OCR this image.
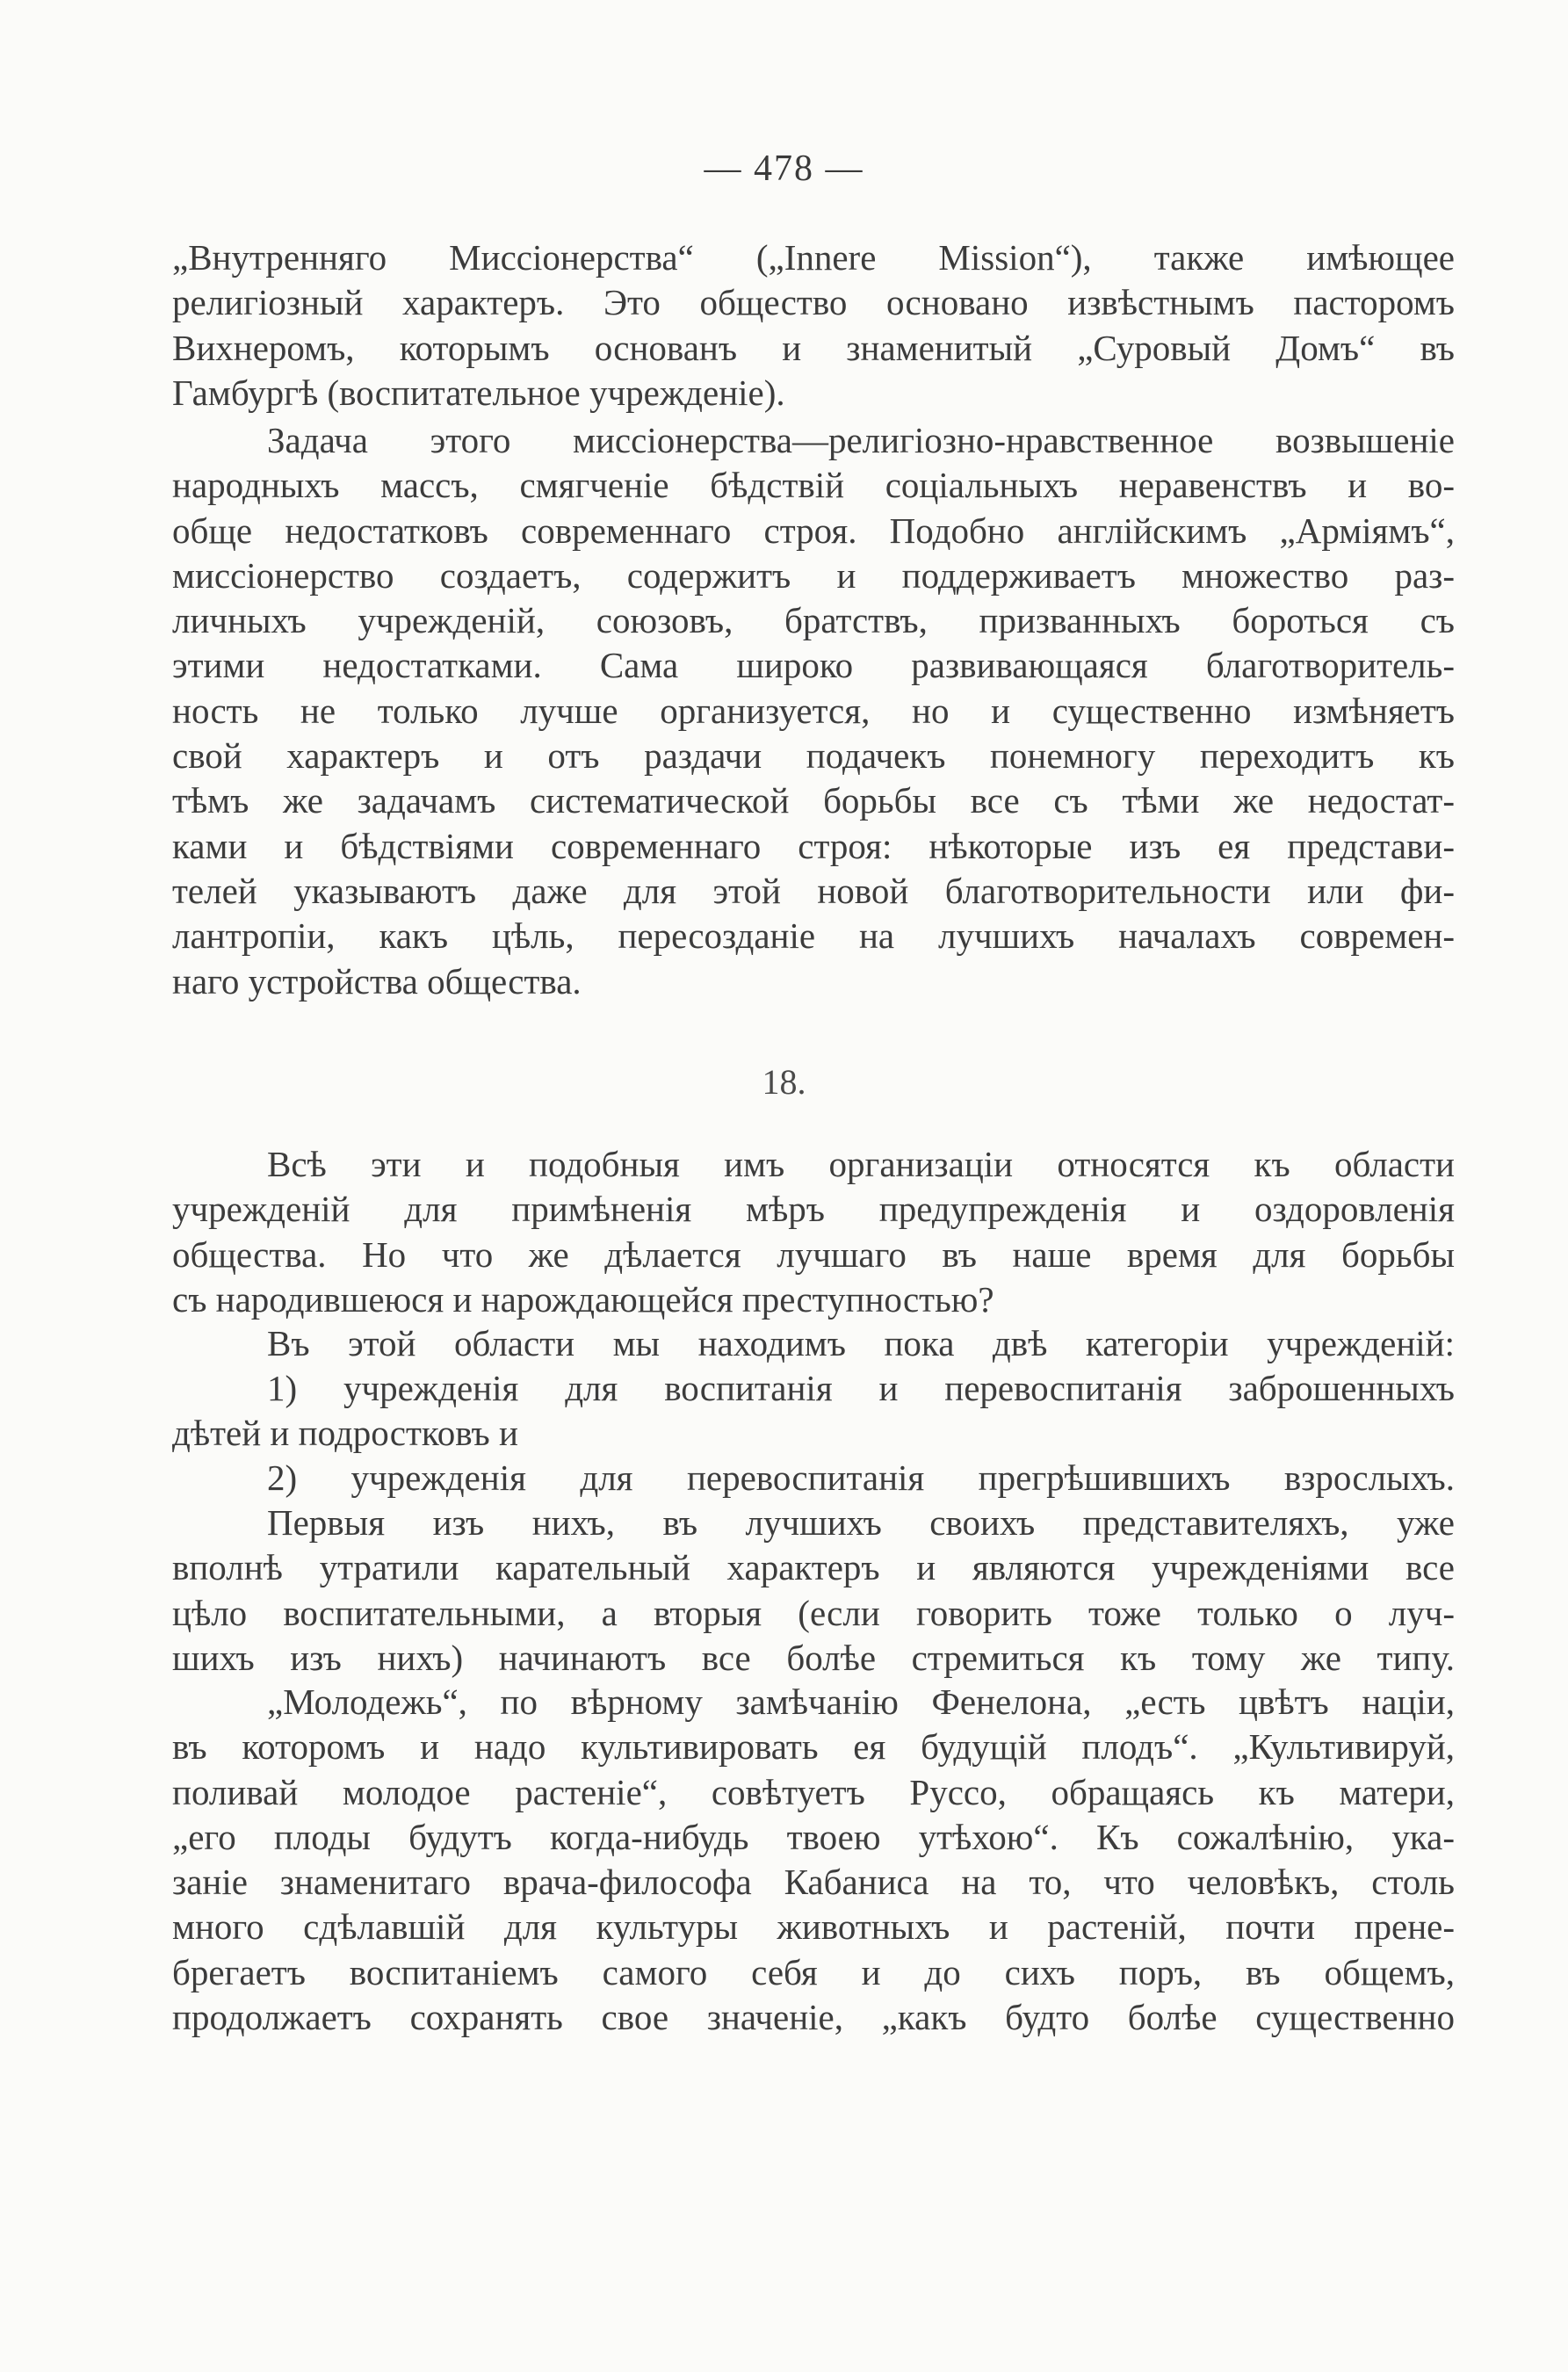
— 478 —
„Внутренняго Миссіонерства“ („Innere Mission“), также имѣющее
религіозный характеръ. Это общество основано извѣстнымъ пасторомъ
Вихнеромъ, которымъ основанъ и знаменитый „Суровый Домъ“ въ
Гамбургѣ (воспитательное учрежденіе).
Задача этого миссіонерства—религіозно-нравственное возвышеніе
народныхъ массъ, смягченіе бѣдствій соціальныхъ неравенствъ и во-
обще недостатковъ современнаго строя. Подобно англійскимъ „Арміямъ“,
миссіонерство создаетъ, содержитъ и поддерживаетъ множество раз-
личныхъ учрежденій, союзовъ, братствъ, призванныхъ бороться съ
этими недостатками. Сама широко развивающаяся благотворитель-
ность не только лучше организуется, но и существенно измѣняетъ
свой характеръ и отъ раздачи подачекъ понемногу переходитъ къ
тѣмъ же задачамъ систематической борьбы все съ тѣми же недостат-
ками и бѣдствіями современнаго строя: нѣкоторые изъ ея представи-
телей указываютъ даже для этой новой благотворительности или фи-
лантропіи, какъ цѣль, пересозданіе на лучшихъ началахъ современ-
наго устройства общества.
18.
Всѣ эти и подобныя имъ организаціи относятся къ области
учрежденій для примѣненія мѣръ предупрежденія и оздоровленія
общества. Но что же дѣлается лучшаго въ наше время для борьбы
съ народившеюся и нарождающейся преступностью?
Въ этой области мы находимъ пока двѣ категоріи учрежденій:
1) учрежденія для воспитанія и перевоспитанія заброшенныхъ
дѣтей и подростковъ и
2) учрежденія для перевоспитанія прегрѣшившихъ взрослыхъ.
Первыя изъ нихъ, въ лучшихъ своихъ представителяхъ, уже
вполнѣ утратили карательный характеръ и являются учрежденіями все
цѣло воспитательными, а вторыя (если говорить тоже только о луч-
шихъ изъ нихъ) начинаютъ все болѣе стремиться къ тому же типу.
„Молодежь“, по вѣрному замѣчанію Фенелона, „есть цвѣтъ націи,
въ которомъ и надо культивировать ея будущій плодъ“. „Культивируй,
поливай молодое растеніе“, совѣтуетъ Руссо, обращаясь къ матери,
„его плоды будутъ когда-нибудь твоею утѣхою“. Къ сожалѣнію, ука-
заніе знаменитаго врача-философа Кабаниса на то, что человѣкъ, столь
много сдѣлавшій для культуры животныхъ и растеній, почти прене-
брегаетъ воспитаніемъ самого себя и до сихъ поръ, въ общемъ,
продолжаетъ сохранять свое значеніе, „какъ будто болѣе существенно
